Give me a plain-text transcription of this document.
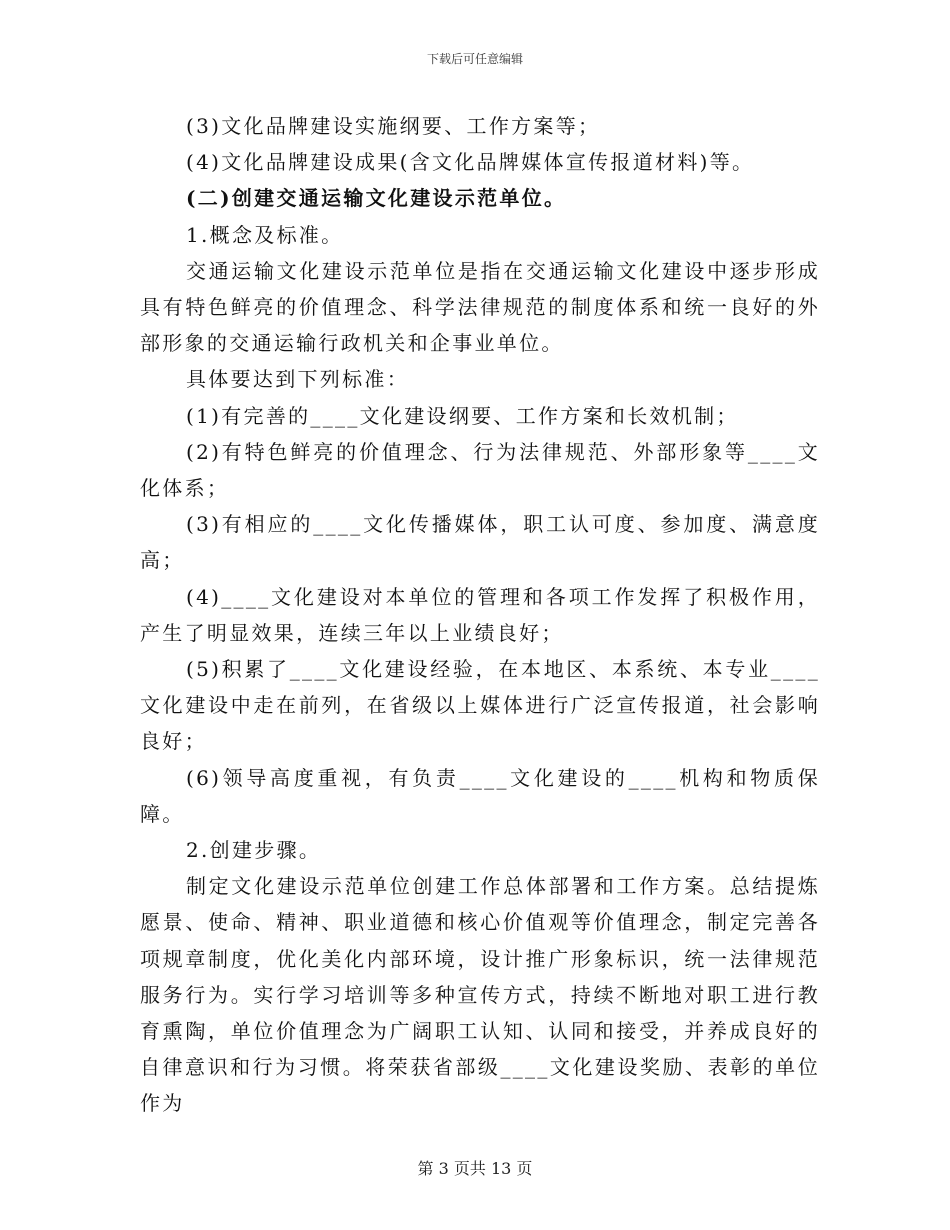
下载后可任意编辑

(3)文化品牌建设实施纲要、工作方案等；

(4)文化品牌建设成果(含文化品牌媒体宣传报道材料)等。

(二)创建交通运输文化建设示范单位。

1.概念及标准。

交通运输文化建设示范单位是指在交通运输文化建设中逐步形成具有特色鲜亮的价值理念、科学法律规范的制度体系和统一良好的外部形象的交通运输行政机关和企事业单位。

具体要达到下列标准：

(1)有完善的____文化建设纲要、工作方案和长效机制；

(2)有特色鲜亮的价值理念、行为法律规范、外部形象等____文化体系；

(3)有相应的____文化传播媒体，职工认可度、参加度、满意度高；

(4)____文化建设对本单位的管理和各项工作发挥了积极作用，产生了明显效果，连续三年以上业绩良好；

(5)积累了____文化建设经验，在本地区、本系统、本专业____文化建设中走在前列，在省级以上媒体进行广泛宣传报道，社会影响良好；

(6)领导高度重视，有负责____文化建设的____机构和物质保障。

2.创建步骤。

制定文化建设示范单位创建工作总体部署和工作方案。总结提炼愿景、使命、精神、职业道德和核心价值观等价值理念，制定完善各项规章制度，优化美化内部环境，设计推广形象标识，统一法律规范服务行为。实行学习培训等多种宣传方式，持续不断地对职工进行教育熏陶，单位价值理念为广阔职工认知、认同和接受，并养成良好的自律意识和行为习惯。将荣获省部级____文化建设奖励、表彰的单位作为

第 3 页共 13 页
